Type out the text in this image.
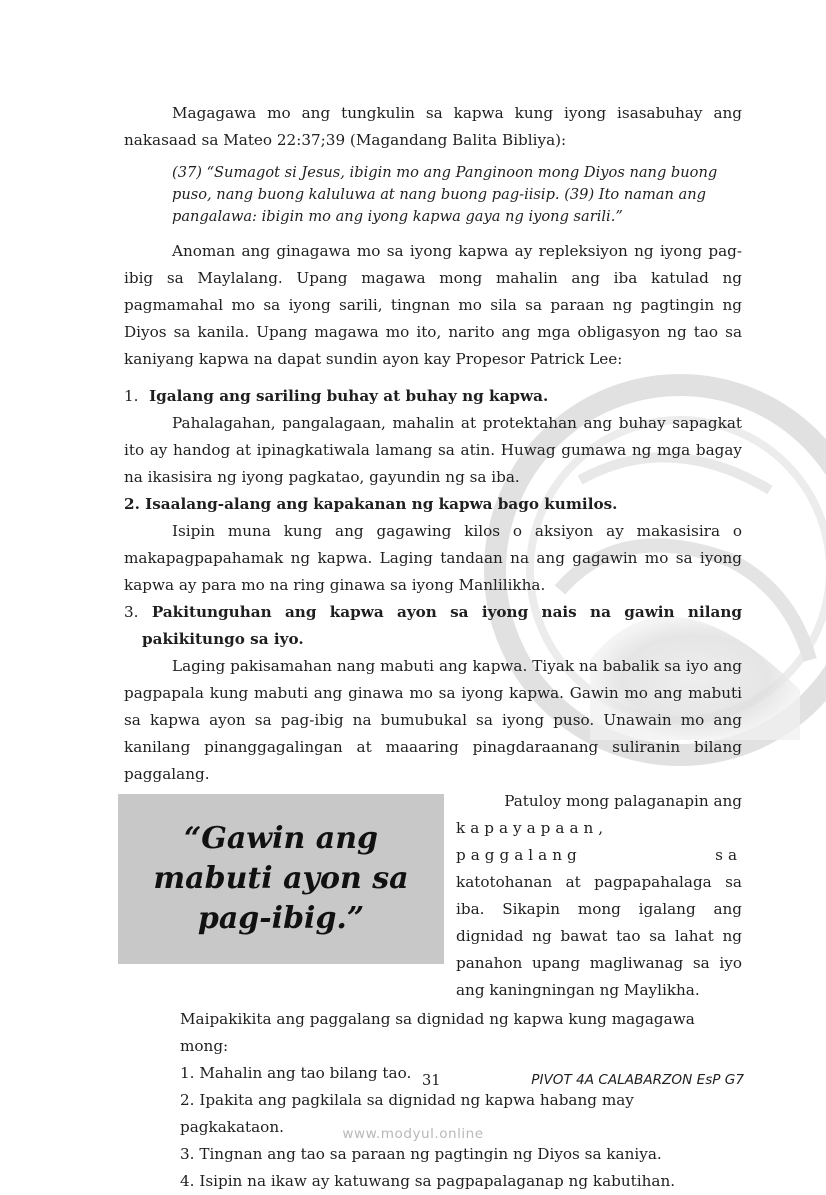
Magagawa mo ang tungkulin sa kapwa kung iyong isasabuhay ang nakasaad sa Mateo 22:37;39 (Magandang Balita Bibliya):

(37) “Sumagot si Jesus, ibigin mo ang Panginoon mong Diyos nang buong puso, nang buong kaluluwa at nang buong pag-iisip. (39) Ito naman ang pangalawa: ibigin mo ang iyong kapwa gaya ng iyong sarili.”

Anoman ang ginagawa mo sa iyong kapwa ay repleksiyon ng iyong pag-ibig sa Maylalang. Upang magawa mong mahalin ang iba katulad ng pagmamahal mo sa iyong sarili, tingnan mo sila sa paraan ng pagtingin ng Diyos sa kanila. Upang magawa mo ito, narito ang mga obligasyon ng tao sa kaniyang kapwa na dapat sundin ayon kay Propesor Patrick Lee:

1. Igalang ang sariling buhay at buhay ng kapwa.

Pahalagahan, pangalagaan, mahalin at protektahan ang buhay sapagkat ito ay handog at ipinagkatiwala lamang sa atin. Huwag gumawa ng mga bagay na ikasisira ng iyong pagkatao, gayundin ng sa iba.

2. Isaalang-alang ang kapakanan ng kapwa bago kumilos.

Isipin muna kung ang gagawing kilos o aksiyon ay makasisira o makapagpapahamak ng kapwa. Laging tandaan na ang gagawin mo sa iyong kapwa ay para mo na ring ginawa sa iyong Manlilikha.

3. Pakitunguhan ang kapwa ayon sa iyong nais na gawin nilang pakikitungo sa iyo.

Laging pakisamahan nang mabuti ang kapwa. Tiyak na babalik sa iyo ang pagpapala kung mabuti ang ginawa mo sa iyong kapwa. Gawin mo ang mabuti sa kapwa ayon sa pag-ibig na bumubukal sa iyong puso. Unawain mo ang kanilang pinanggagalingan at maaaring pinagdaraanang suliranin bilang paggalang.

“Gawin ang mabuti ayon sa pag-ibig.”

Patuloy mong palaganapin ang

kapayapaan, paggalang sa

katotohanan at pagpapahalaga sa iba. Sikapin mong igalang ang dignidad ng bawat tao sa lahat ng panahon upang magliwanag sa iyo ang kaningningan ng Maylikha.

Maipakikita ang paggalang sa dignidad ng kapwa kung magagawa mong:

1. Mahalin ang tao bilang tao.

2. Ipakita ang pagkilala sa dignidad ng kapwa habang may pagkakataon.

3. Tingnan ang tao sa paraan ng pagtingin ng Diyos sa kaniya.

4. Isipin na ikaw ay katuwang sa pagpapalaganap ng kabutihan.

31	PIVOT 4A CALABARZON EsP G7
www.modyul.online
